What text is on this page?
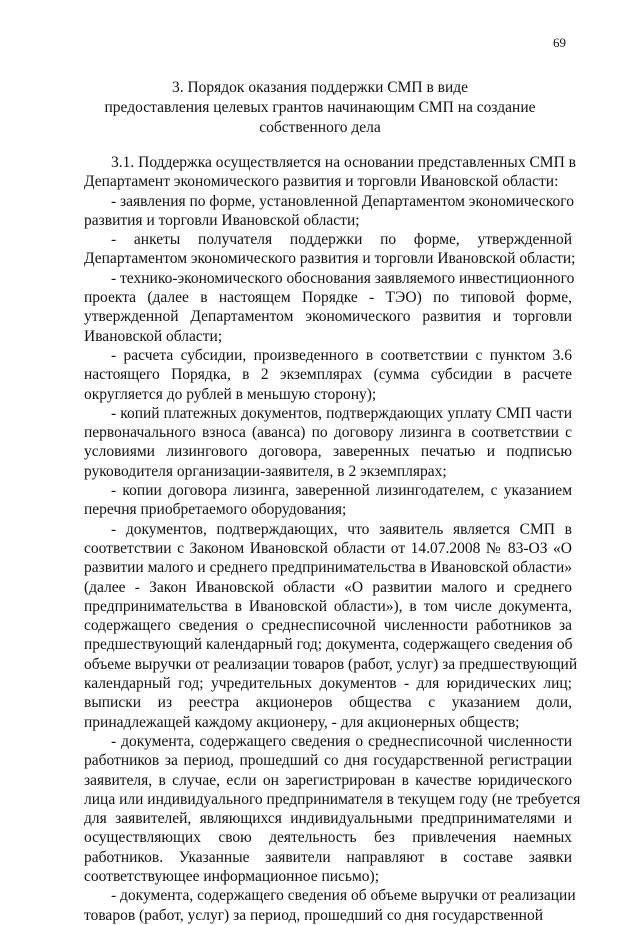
69
3. Порядок оказания поддержки СМП в виде
предоставления целевых грантов начинающим СМП на создание
собственного дела
3.1. Поддержка осуществляется на основании представленных СМП в
Департамент экономического развития и торговли Ивановской области:
- заявления по форме, установленной Департаментом экономического
развития и торговли Ивановской области;
- анкеты получателя поддержки по форме, утвержденной
Департаментом экономического развития и торговли Ивановской области;
- технико-экономического обоснования заявляемого инвестиционного
проекта (далее в настоящем Порядке - ТЭО) по типовой форме,
утвержденной Департаментом экономического развития и торговли
Ивановской области;
- расчета субсидии, произведенного в соответствии с пунктом 3.6
настоящего Порядка, в 2 экземплярах (сумма субсидии в расчете
округляется до рублей в меньшую сторону);
- копий платежных документов, подтверждающих уплату СМП части
первоначального взноса (аванса) по договору лизинга в соответствии с
условиями лизингового договора, заверенных печатью и подписью
руководителя организации-заявителя, в 2 экземплярах;
- копии договора лизинга, заверенной лизингодателем, с указанием
перечня приобретаемого оборудования;
- документов, подтверждающих, что заявитель является СМП в
соответствии с Законом Ивановской области от 14.07.2008 № 83-ОЗ «О
развитии малого и среднего предпринимательства в Ивановской области»
(далее - Закон Ивановской области «О развитии малого и среднего
предпринимательства в Ивановской области»), в том числе документа,
содержащего сведения о среднесписочной численности работников за
предшествующий календарный год; документа, содержащего сведения об
объеме выручки от реализации товаров (работ, услуг) за предшествующий
календарный год; учредительных документов - для юридических лиц;
выписки из реестра акционеров общества с указанием доли,
принадлежащей каждому акционеру, - для акционерных обществ;
- документа, содержащего сведения о среднесписочной численности
работников за период, прошедший со дня государственной регистрации
заявителя, в случае, если он зарегистрирован в качестве юридического
лица или индивидуального предпринимателя в текущем году (не требуется
для заявителей, являющихся индивидуальными предпринимателями и
осуществляющих свою деятельность без привлечения наемных
работников. Указанные заявители направляют в составе заявки
соответствующее информационное письмо);
- документа, содержащего сведения об объеме выручки от реализации
товаров (работ, услуг) за период, прошедший со дня государственной
